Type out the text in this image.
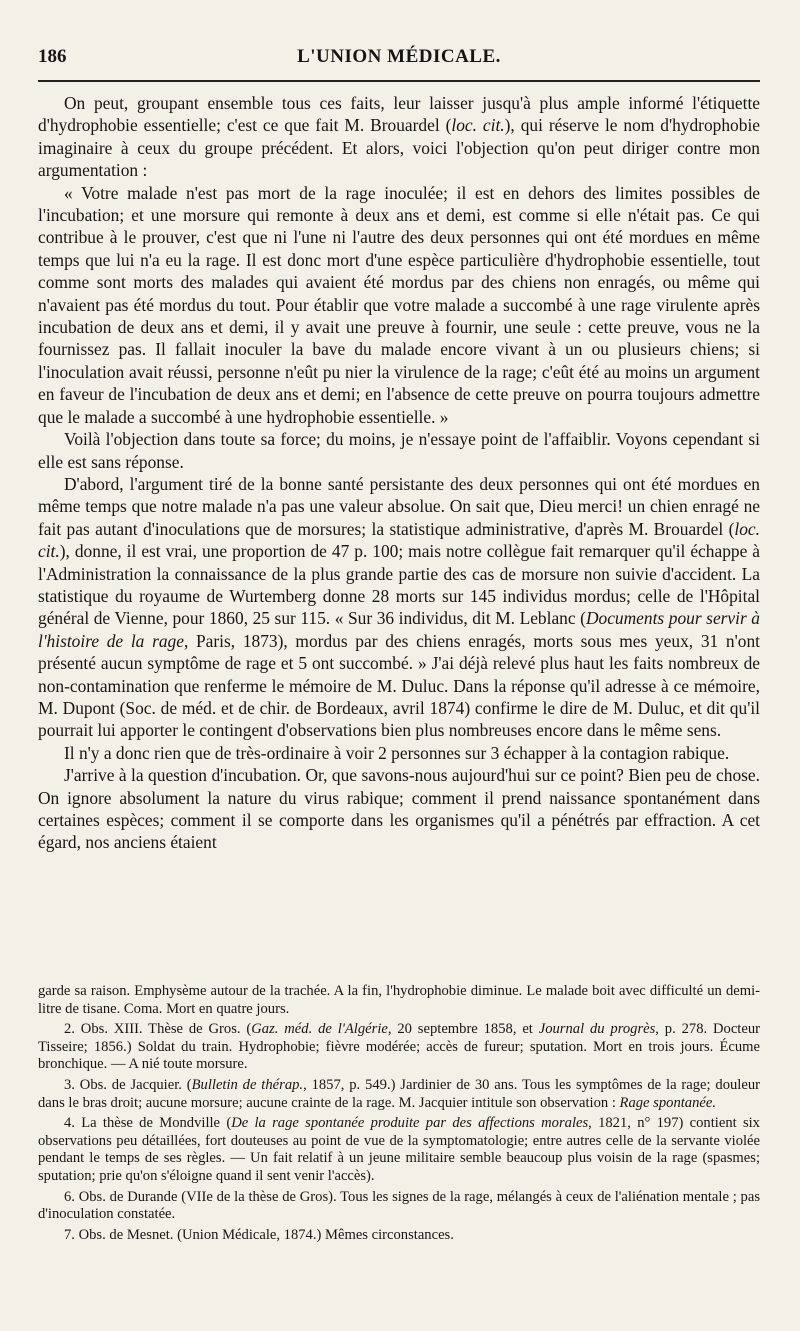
186	L'UNION MÉDICALE.

On peut, groupant ensemble tous ces faits, leur laisser jusqu'à plus ample informé l'étiquette d'hydrophobie essentielle; c'est ce que fait M. Brouardel (loc. cit.), qui réserve le nom d'hydrophobie imaginaire à ceux du groupe précédent. Et alors, voici l'objection qu'on peut diriger contre mon argumentation :

« Votre malade n'est pas mort de la rage inoculée; il est en dehors des limites possibles de l'incubation; et une morsure qui remonte à deux ans et demi, est comme si elle n'était pas. Ce qui contribue à le prouver, c'est que ni l'une ni l'autre des deux personnes qui ont été mordues en même temps que lui n'a eu la rage. Il est donc mort d'une espèce particulière d'hydrophobie essentielle, tout comme sont morts des malades qui avaient été mordus par des chiens non enragés, ou même qui n'avaient pas été mordus du tout. Pour établir que votre malade a succombé à une rage virulente après incubation de deux ans et demi, il y avait une preuve à fournir, une seule : cette preuve, vous ne la fournissez pas. Il fallait inoculer la bave du malade encore vivant à un ou plusieurs chiens; si l'inoculation avait réussi, personne n'eût pu nier la virulence de la rage; c'eût été au moins un argument en faveur de l'incubation de deux ans et demi; en l'absence de cette preuve on pourra toujours admettre que le malade a succombé à une hydrophobie essentielle. »

Voilà l'objection dans toute sa force; du moins, je n'essaye point de l'affaiblir. Voyons cependant si elle est sans réponse.

D'abord, l'argument tiré de la bonne santé persistante des deux personnes qui ont été mordues en même temps que notre malade n'a pas une valeur absolue. On sait que, Dieu merci! un chien enragé ne fait pas autant d'inoculations que de morsures; la statistique administrative, d'après M. Brouardel (loc. cit.), donne, il est vrai, une proportion de 47 p. 100; mais notre collègue fait remarquer qu'il échappe à l'Administration la connaissance de la plus grande partie des cas de morsure non suivie d'accident. La statistique du royaume de Wurtemberg donne 28 morts sur 145 individus mordus; celle de l'Hôpital général de Vienne, pour 1860, 25 sur 115. « Sur 36 individus, dit M. Leblanc (Documents pour servir à l'histoire de la rage, Paris, 1873), mordus par des chiens enragés, morts sous mes yeux, 31 n'ont présenté aucun symptôme de rage et 5 ont succombé. » J'ai déjà relevé plus haut les faits nombreux de non-contamination que renferme le mémoire de M. Duluc. Dans la réponse qu'il adresse à ce mémoire, M. Dupont (Soc. de méd. et de chir. de Bordeaux, avril 1874) confirme le dire de M. Duluc, et dit qu'il pourrait lui apporter le contingent d'observations bien plus nombreuses encore dans le même sens.

Il n'y a donc rien que de très-ordinaire à voir 2 personnes sur 3 échapper à la contagion rabique.

J'arrive à la question d'incubation. Or, que savons-nous aujourd'hui sur ce point? Bien peu de chose. On ignore absolument la nature du virus rabique; comment il prend naissance spontanément dans certaines espèces; comment il se comporte dans les organismes qu'il a pénétrés par effraction. A cet égard, nos anciens étaient

garde sa raison. Emphysème autour de la trachée. A la fin, l'hydrophobie diminue. Le malade boit avec difficulté un demi-litre de tisane. Coma. Mort en quatre jours.

2. Obs. XIII. Thèse de Gros. (Gaz. méd. de l'Algérie, 20 septembre 1858, et Journal du progrès, p. 278. Docteur Tisseire; 1856.) Soldat du train. Hydrophobie; fièvre modérée; accès de fureur; sputation. Mort en trois jours. Écume bronchique. — A nié toute morsure.

3. Obs. de Jacquier. (Bulletin de thérap., 1857, p. 549.) Jardinier de 30 ans. Tous les symptômes de la rage; douleur dans le bras droit; aucune morsure; aucune crainte de la rage. M. Jacquier intitule son observation : Rage spontanée.

4. La thèse de Mondville (De la rage spontanée produite par des affections morales, 1821, n° 197) contient six observations peu détaillées, fort douteuses au point de vue de la symptomatologie; entre autres celle de la servante violée pendant le temps de ses règles. — Un fait relatif à un jeune militaire semble beaucoup plus voisin de la rage (spasmes; sputation; prie qu'on s'éloigne quand il sent venir l'accès).

6. Obs. de Durande (VIIe de la thèse de Gros). Tous les signes de la rage, mélangés à ceux de l'aliénation mentale ; pas d'inoculation constatée.

7. Obs. de Mesnet. (Union Médicale, 1874.) Mêmes circonstances.
